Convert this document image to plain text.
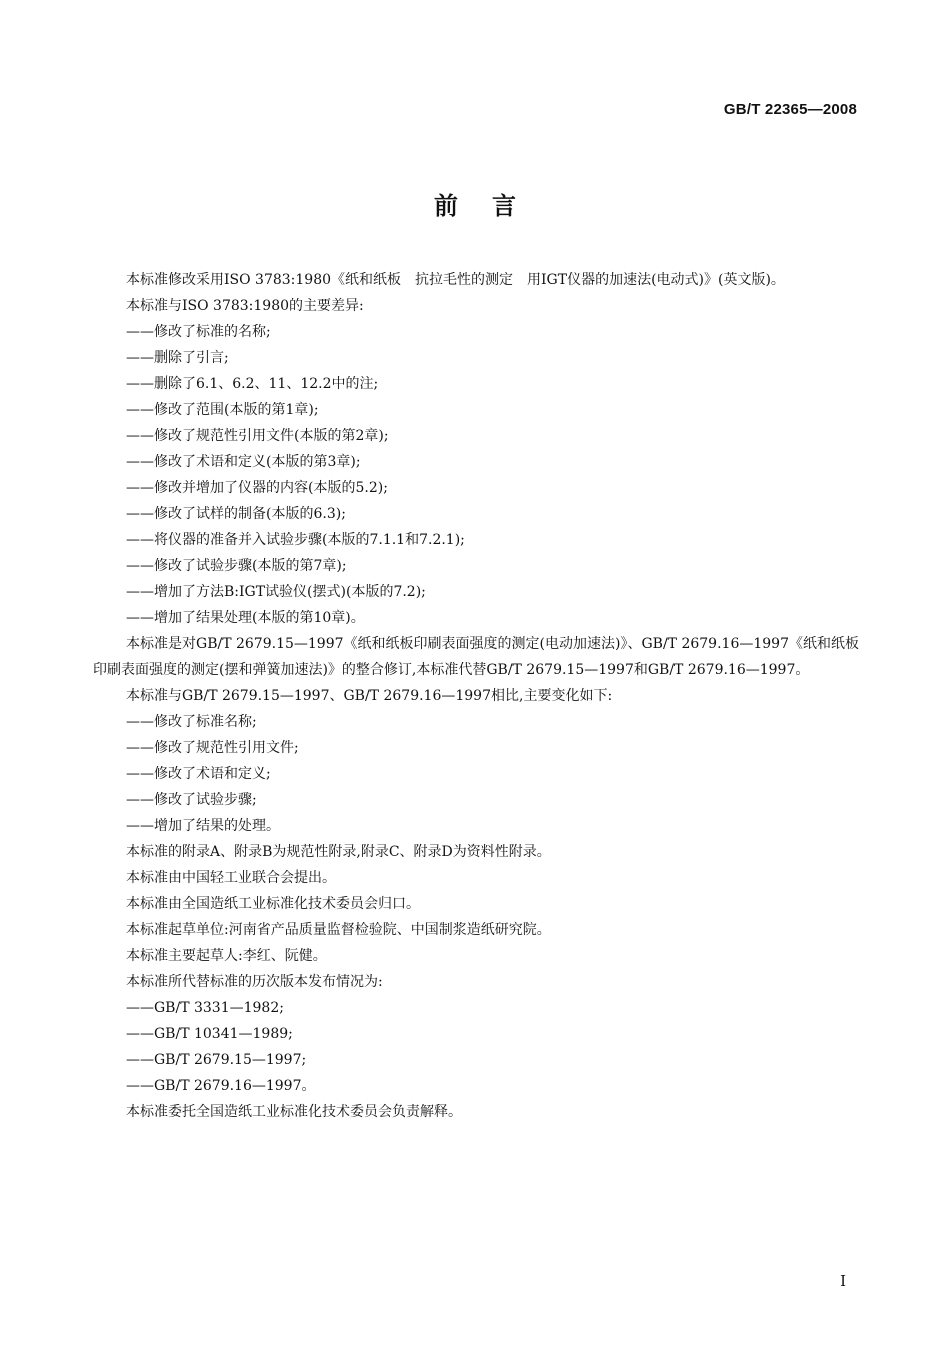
GB/T 22365—2008
前言

本标准修改采用ISO 3783:1980《纸和纸板　抗拉毛性的测定　用IGT仪器的加速法(电动式)》(英文版)。

本标准与ISO 3783:1980的主要差异:

——修改了标准的名称;

——删除了引言;

——删除了6.1、6.2、11、12.2中的注;

——修改了范围(本版的第1章);

——修改了规范性引用文件(本版的第2章);

——修改了术语和定义(本版的第3章);

——修改并增加了仪器的内容(本版的5.2);

——修改了试样的制备(本版的6.3);

——将仪器的准备并入试验步骤(本版的7.1.1和7.2.1);

——修改了试验步骤(本版的第7章);

——增加了方法B:IGT试验仪(摆式)(本版的7.2);

——增加了结果处理(本版的第10章)。

本标准是对GB/T 2679.15—1997《纸和纸板印刷表面强度的测定(电动加速法)》、GB/T 2679.16—1997《纸和纸板印刷表面强度的测定(摆和弹簧加速法)》的整合修订,本标准代替GB/T 2679.15—1997和GB/T 2679.16—1997。

本标准与GB/T 2679.15—1997、GB/T 2679.16—1997相比,主要变化如下:

——修改了标准名称;

——修改了规范性引用文件;

——修改了术语和定义;

——修改了试验步骤;

——增加了结果的处理。

本标准的附录A、附录B为规范性附录,附录C、附录D为资料性附录。

本标准由中国轻工业联合会提出。

本标准由全国造纸工业标准化技术委员会归口。

本标准起草单位:河南省产品质量监督检验院、中国制浆造纸研究院。

本标准主要起草人:李红、阮健。

本标准所代替标准的历次版本发布情况为:

——GB/T 3331—1982;

——GB/T 10341—1989;

——GB/T 2679.15—1997;

——GB/T 2679.16—1997。

本标准委托全国造纸工业标准化技术委员会负责解释。

I
